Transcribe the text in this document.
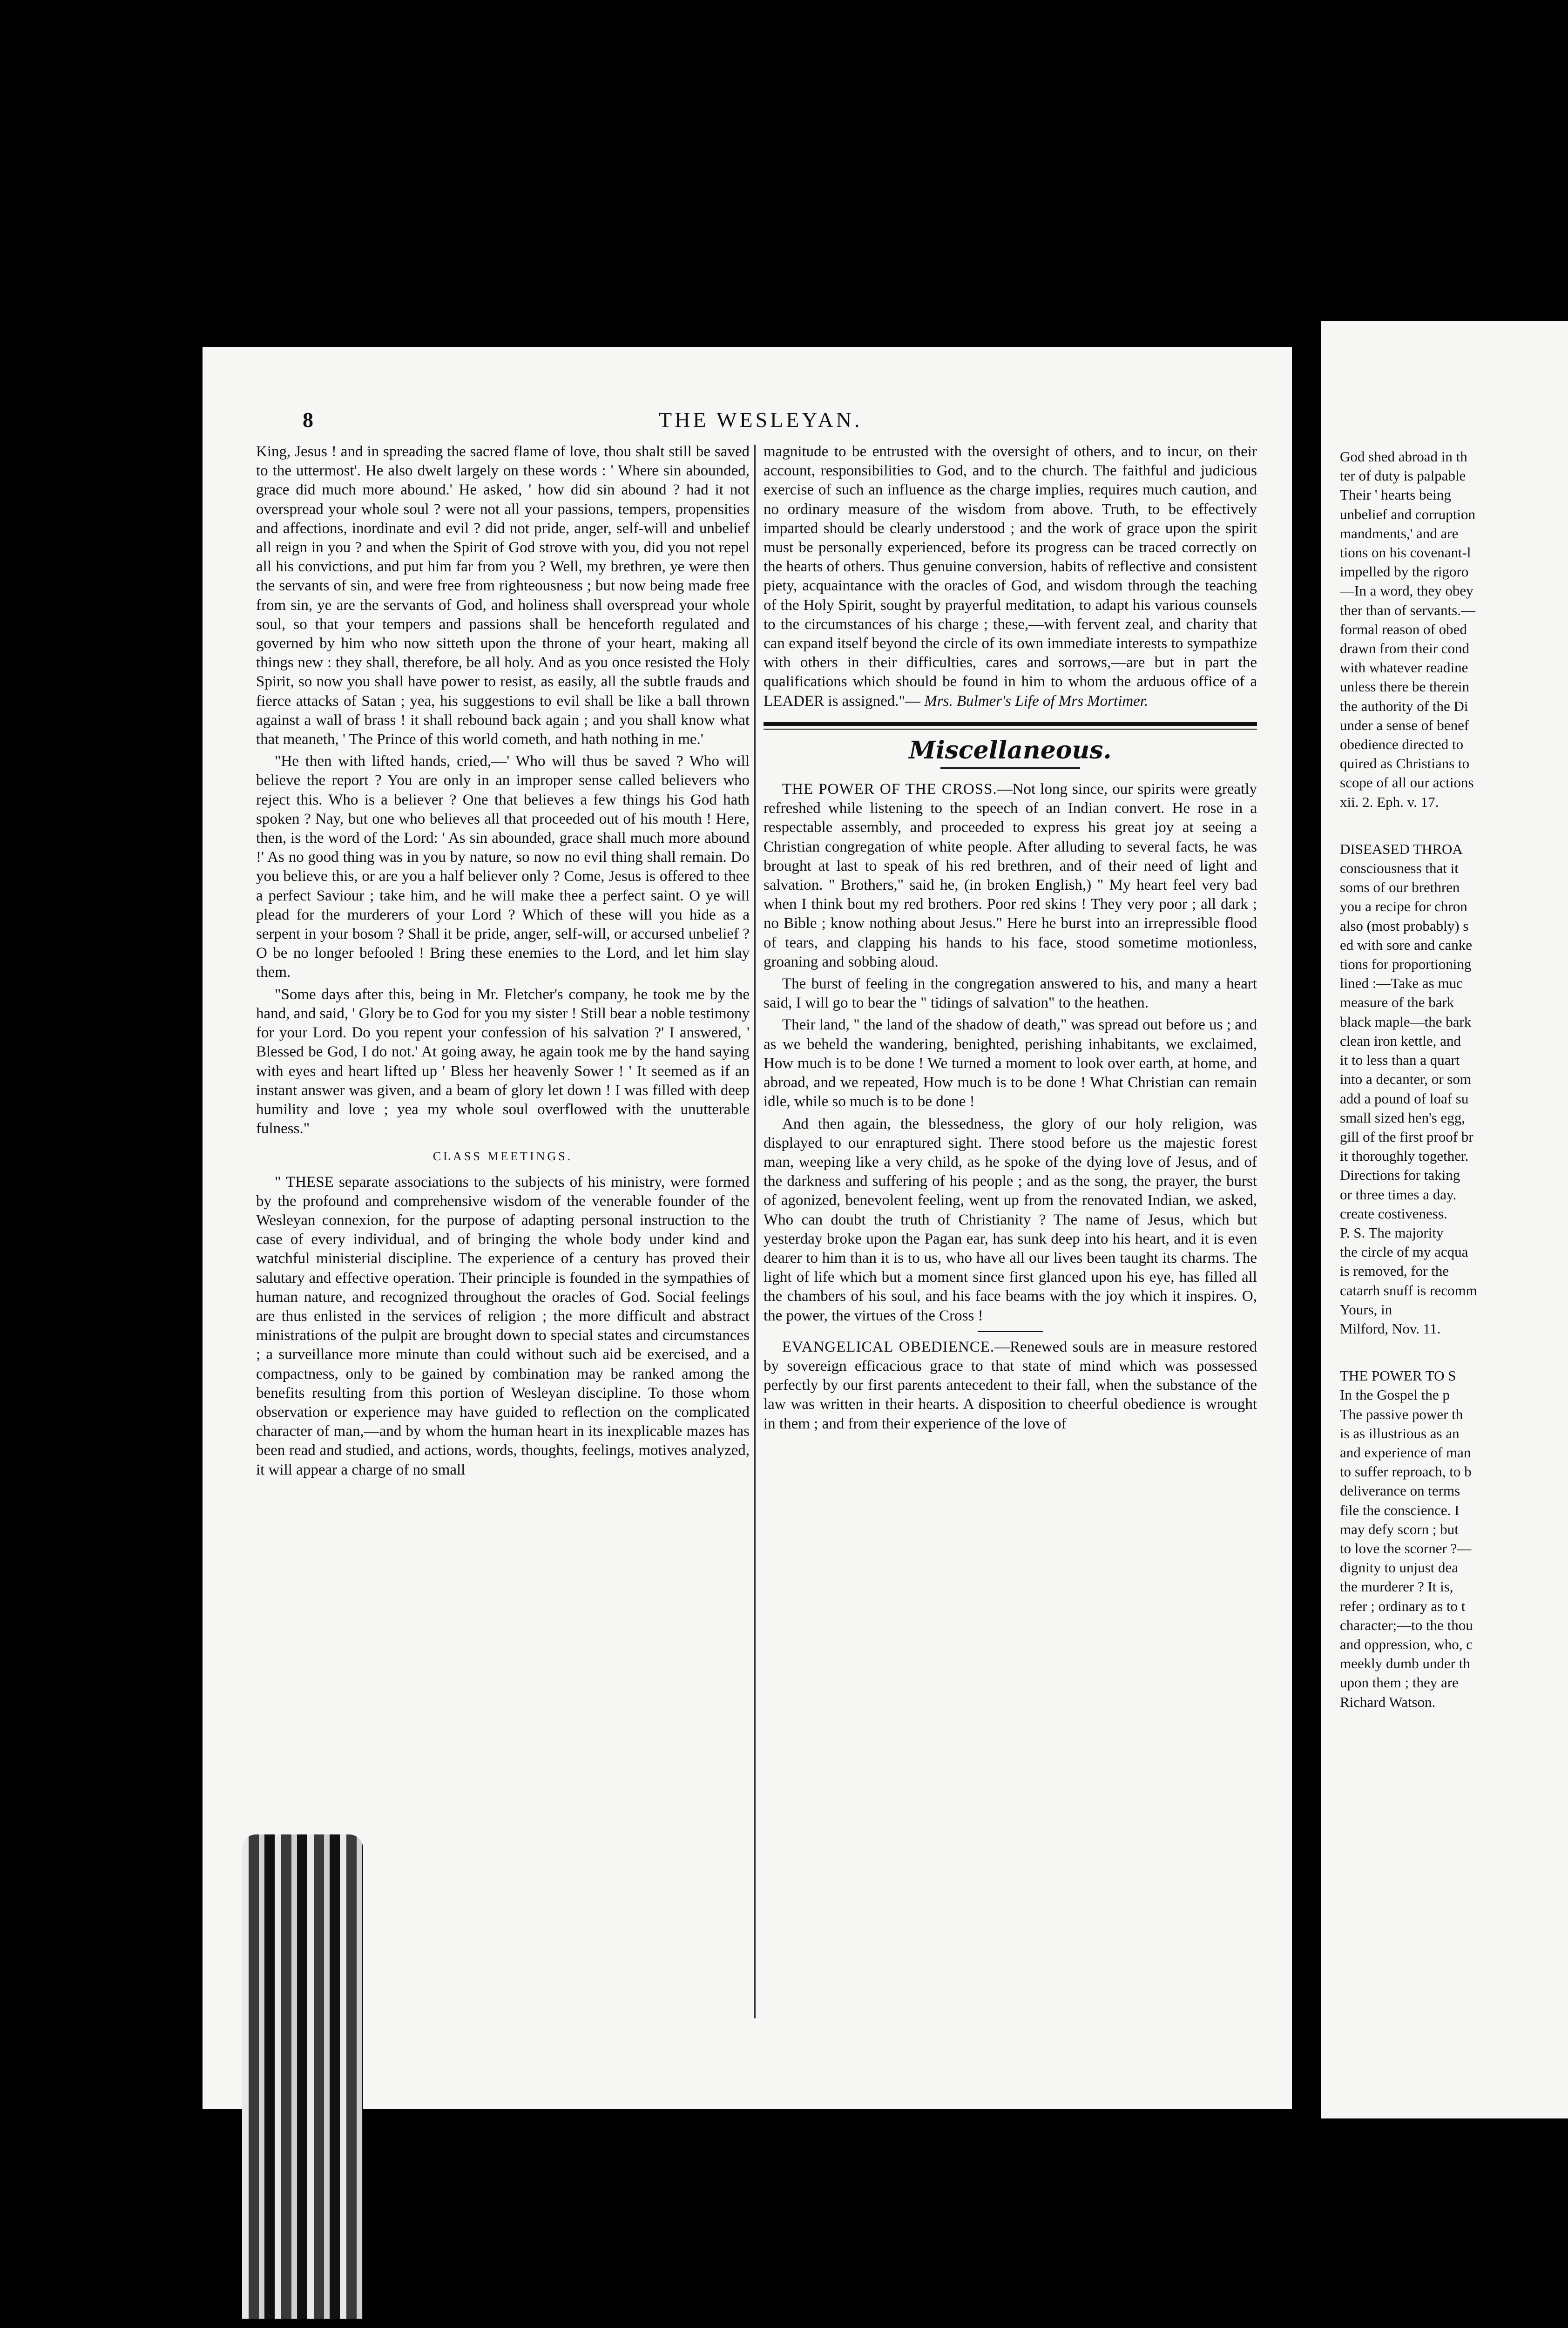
8	THE WESLEYAN.

King, Jesus ! and in spreading the sacred flame of love, thou shalt still be saved to the uttermost'. He also dwelt largely on these words : ' Where sin abounded, grace did much more abound.' He asked, ' how did sin abound ? had it not overspread your whole soul ? were not all your passions, tempers, propensities and affections, inordinate and evil ? did not pride, anger, self-will and unbelief all reign in you ? and when the Spirit of God strove with you, did you not repel all his convictions, and put him far from you ? Well, my brethren, ye were then the servants of sin, and were free from righteousness ; but now being made free from sin, ye are the servants of God, and holiness shall overspread your whole soul, so that your tempers and passions shall be henceforth regulated and governed by him who now sitteth upon the throne of your heart, making all things new : they shall, therefore, be all holy. And as you once resisted the Holy Spirit, so now you shall have power to resist, as easily, all the subtle frauds and fierce attacks of Satan ; yea, his suggestions to evil shall be like a ball thrown against a wall of brass ! it shall rebound back again ; and you shall know what that meaneth, ' The Prince of this world cometh, and hath nothing in me.'

"He then with lifted hands, cried,—' Who will thus be saved ? Who will believe the report ? You are only in an improper sense called believers who reject this. Who is a believer ? One that believes a few things his God hath spoken ? Nay, but one who believes all that proceeded out of his mouth ! Here, then, is the word of the Lord: ' As sin abounded, grace shall much more abound !' As no good thing was in you by nature, so now no evil thing shall remain. Do you believe this, or are you a half believer only ? Come, Jesus is offered to thee a perfect Saviour ; take him, and he will make thee a perfect saint. O ye will plead for the murderers of your Lord ? Which of these will you hide as a serpent in your bosom ? Shall it be pride, anger, self-will, or accursed unbelief ? O be no longer befooled ! Bring these enemies to the Lord, and let him slay them.

"Some days after this, being in Mr. Fletcher's company, he took me by the hand, and said, ' Glory be to God for you my sister ! Still bear a noble testimony for your Lord. Do you repent your confession of his salvation ?' I answered, ' Blessed be God, I do not.' At going away, he again took me by the hand saying with eyes and heart lifted up ' Bless her heavenly Sower ! ' It seemed as if an instant answer was given, and a beam of glory let down ! I was filled with deep humility and love ; yea my whole soul overflowed with the unutterable fulness."

CLASS MEETINGS.

" THESE separate associations to the subjects of his ministry, were formed by the profound and comprehensive wisdom of the venerable founder of the Wesleyan connexion, for the purpose of adapting personal instruction to the case of every individual, and of bringing the whole body under kind and watchful ministerial discipline. The experience of a century has proved their salutary and effective operation. Their principle is founded in the sympathies of human nature, and recognized throughout the oracles of God. Social feelings are thus enlisted in the services of religion ; the more difficult and abstract ministrations of the pulpit are brought down to special states and circumstances ; a surveillance more minute than could without such aid be exercised, and a compactness, only to be gained by combination may be ranked among the benefits resulting from this portion of Wesleyan discipline. To those whom observation or experience may have guided to reflection on the complicated character of man,—and by whom the human heart in its inexplicable mazes has been read and studied, and actions, words, thoughts, feelings, motives analyzed, it will appear a charge of no small

magnitude to be entrusted with the oversight of others, and to incur, on their account, responsibilities to God, and to the church. The faithful and judicious exercise of such an influence as the charge implies, requires much caution, and no ordinary measure of the wisdom from above. Truth, to be effectively imparted should be clearly understood ; and the work of grace upon the spirit must be personally experienced, before its progress can be traced correctly on the hearts of others. Thus genuine conversion, habits of reflective and consistent piety, acquaintance with the oracles of God, and wisdom through the teaching of the Holy Spirit, sought by prayerful meditation, to adapt his various counsels to the circumstances of his charge ; these,—with fervent zeal, and charity that can expand itself beyond the circle of its own immediate interests to sympathize with others in their difficulties, cares and sorrows,—are but in part the qualifications which should be found in him to whom the arduous office of a LEADER is assigned."— Mrs. Bulmer's Life of Mrs Mortimer.

Miscellaneous.

THE POWER OF THE CROSS.—Not long since, our spirits were greatly refreshed while listening to the speech of an Indian convert. He rose in a respectable assembly, and proceeded to express his great joy at seeing a Christian congregation of white people. After alluding to several facts, he was brought at last to speak of his red brethren, and of their need of light and salvation. " Brothers," said he, (in broken English,) " My heart feel very bad when I think bout my red brothers. Poor red skins ! They very poor ; all dark ; no Bible ; know nothing about Jesus." Here he burst into an irrepressible flood of tears, and clapping his hands to his face, stood sometime motionless, groaning and sobbing aloud.

The burst of feeling in the congregation answered to his, and many a heart said, I will go to bear the " tidings of salvation" to the heathen.

Their land, " the land of the shadow of death," was spread out before us ; and as we beheld the wandering, benighted, perishing inhabitants, we exclaimed, How much is to be done ! We turned a moment to look over earth, at home, and abroad, and we repeated, How much is to be done ! What Christian can remain idle, while so much is to be done !

And then again, the blessedness, the glory of our holy religion, was displayed to our enraptured sight. There stood before us the majestic forest man, weeping like a very child, as he spoke of the dying love of Jesus, and of the darkness and suffering of his people ; and as the song, the prayer, the burst of agonized, benevolent feeling, went up from the renovated Indian, we asked, Who can doubt the truth of Christianity ? The name of Jesus, which but yesterday broke upon the Pagan ear, has sunk deep into his heart, and it is even dearer to him than it is to us, who have all our lives been taught its charms. The light of life which but a moment since first glanced upon his eye, has filled all the chambers of his soul, and his face beams with the joy which it inspires. O, the power, the virtues of the Cross !

EVANGELICAL OBEDIENCE.—Renewed souls are in measure restored by sovereign efficacious grace to that state of mind which was possessed perfectly by our first parents antecedent to their fall, when the substance of the law was written in their hearts. A disposition to cheerful obedience is wrought in them ; and from their experience of the love of

God shed abroad in th
ter of duty is palpable
Their ' hearts being
unbelief and corruption
mandments,' and are
tions on his covenant-l
impelled by the rigoro
—In a word, they obey
ther than of servants.—
formal reason of obed
drawn from their cond
with whatever readine
unless there be therein
the authority of the Di
under a sense of benef
obedience directed to
quired as Christians to
scope of all our actions
xii. 2. Eph. v. 17.
DISEASED THROA
consciousness that it
soms of our brethren
you a recipe for chron
also (most probably) s
ed with sore and canke
tions for proportioning
lined :—Take as muc
measure of the bark
black maple—the bark
clean iron kettle, and
it to less than a quart
into a decanter, or som
add a pound of loaf su
small sized hen's egg,
gill of the first proof br
it thoroughly together.
Directions for taking
or three times a day.
create costiveness.
P. S. The majority
the circle of my acqua
is removed, for the
catarrh snuff is recomm
Yours, in
Milford, Nov. 11.
THE POWER TO S
In the Gospel the p
The passive power th
is as illustrious as an
and experience of man
to suffer reproach, to b
deliverance on terms
file the conscience. I
may defy scorn ; but
to love the scorner ?—
dignity to unjust dea
the murderer ? It is,
refer ; ordinary as to t
character;—to the thou
and oppression, who, c
meekly dumb under th
upon them ; they are
Richard Watson.
